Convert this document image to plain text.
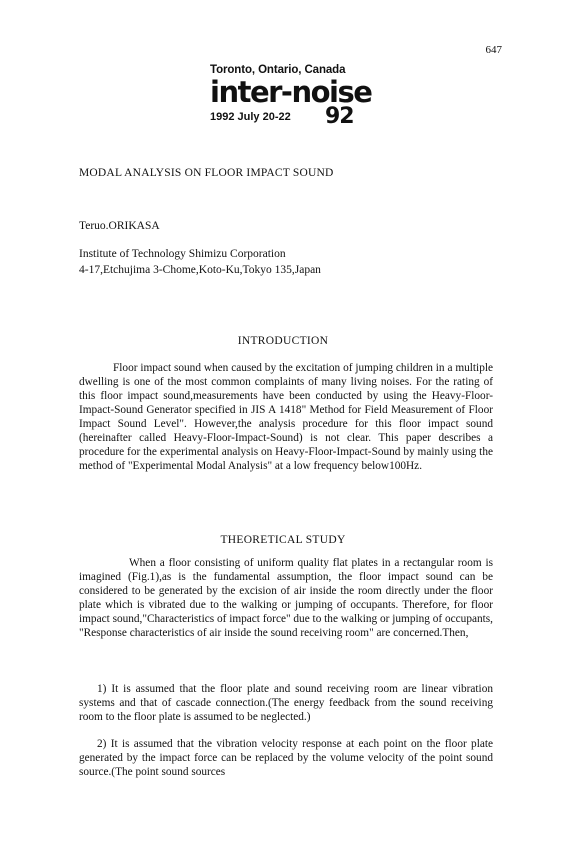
647
Toronto, Ontario, Canada
inter-noise
1992 July 20-22 92
MODAL ANALYSIS ON FLOOR IMPACT SOUND
Teruo.ORIKASA
Institute of Technology Shimizu Corporation
4-17,Etchujima 3-Chome,Koto-Ku,Tokyo 135,Japan
INTRODUCTION

Floor impact sound when caused by the excitation of jumping children in a multiple dwelling is one of the most common complaints of many living noises. For the rating of this floor impact sound,measurements have been conducted by using the Heavy-Floor-Impact-Sound Generator specified in JIS A 1418" Method for Field Measurement of Floor Impact Sound Level". However,the analysis procedure for this floor impact sound (hereinafter called Heavy-Floor-Impact-Sound) is not clear. This paper describes a procedure for the experimental analysis on Heavy-Floor-Impact-Sound by mainly using the method of "Experimental Modal Analysis" at a low frequency below100Hz.

THEORETICAL STUDY

When a floor consisting of uniform quality flat plates in a rectangular room is imagined (Fig.1),as is the fundamental assumption, the floor impact sound can be considered to be generated by the excision of air inside the room directly under the floor plate which is vibrated due to the walking or jumping of occupants. Therefore, for floor impact sound,"Characteristics of impact force" due to the walking or jumping of occupants, "Response characteristics of air inside the sound receiving room" are concerned.Then,

1) It is assumed that the floor plate and sound receiving room are linear vibration systems and that of cascade connection.(The energy feedback from the sound receiving room to the floor plate is assumed to be neglected.)

2) It is assumed that the vibration velocity response at each point on the floor plate generated by the impact force can be replaced by the volume velocity of the point sound source.(The point sound sources
